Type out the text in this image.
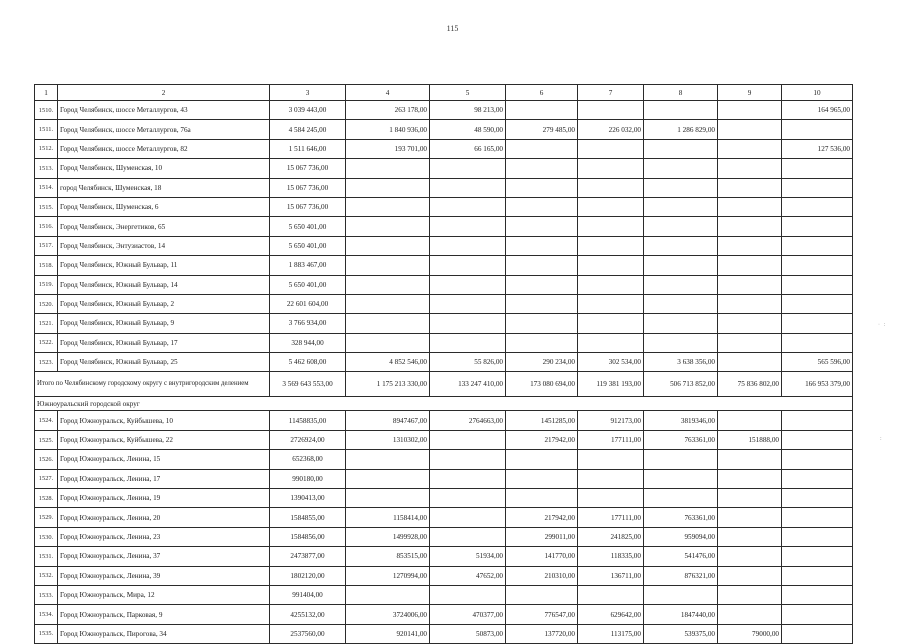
115
1	2	3	4	5	6	7	8	9	10
1510.	Город Челябинск, шоссе Металлургов, 43	3 039 443,00	263 178,00	98 213,00					164 965,00
1511.	Город Челябинск, шоссе Металлургов, 76а	4 584 245,00	1 840 936,00	48 590,00	279 485,00	226 032,00	1 286 829,00		
1512.	Город Челябинск, шоссе Металлургов, 82	1 511 646,00	193 701,00	66 165,00					127 536,00
1513.	Город Челябинск, Шуменская, 10	15 067 736,00							
1514.	город Челябинск, Шуменская, 18	15 067 736,00							
1515.	Город Челябинск, Шуменская, 6	15 067 736,00							
1516.	Город Челябинск, Энергетиков, 65	5 650 401,00							
1517.	Город Челябинск, Энтузиастов, 14	5 650 401,00							
1518.	Город Челябинск, Южный Бульвар, 11	1 883 467,00							
1519.	Город Челябинск, Южный Бульвар, 14	5 650 401,00							
1520.	Город Челябинск, Южный Бульвар, 2	22 601 604,00							
1521.	Город Челябинск, Южный Бульвар, 9	3 766 934,00							
1522.	Город Челябинск, Южный Бульвар, 17	328 944,00							
1523.	Город Челябинск, Южный Бульвар, 25	5 462 608,00	4 852 546,00	55 826,00	290 234,00	302 534,00	3 638 356,00		565 596,00
Итого по Челябинскому городскому округу с внутригородским делением		3 569 643 553,00	1 175 213 330,00	133 247 410,00	173 080 694,00	119 381 193,00	506 713 852,00	75 836 802,00	166 953 379,00
Южноуральский городской округ									
1524.	Город Южноуральск, Куйбышева, 10	11458835,00	8947467,00	2764663,00	1451285,00	912173,00	3819346,00		
1525.	Город Южноуральск, Куйбышева, 22	2726924,00	1310302,00		217942,00	177111,00	763361,00	151888,00	
1526.	Город Южноуральск, Ленина, 15	652368,00							
1527.	Город Южноуральск, Ленина, 17	990180,00							
1528.	Город Южноуральск, Ленина, 19	1390413,00							
1529.	Город Южноуральск, Ленина, 20	1584855,00	1158414,00		217942,00	177111,00	763361,00		
1530.	Город Южноуральск, Ленина, 23	1584856,00	1499928,00		299011,00	241825,00	959094,00		
1531.	Город Южноуральск, Ленина, 37	2473877,00	853515,00	51934,00	141770,00	118335,00	541476,00		
1532.	Город Южноуральск, Ленина, 39	1802120,00	1270994,00	47652,00	210310,00	136711,00	876321,00		
1533.	Город Южноуральск, Мира, 12	991404,00							
1534.	Город Южноуральск, Парковая, 9	4255132,00	3724006,00	470377,00	776547,00	629642,00	1847440,00		
1535.	Город Южноуральск, Пирогова, 34	2537560,00	920141,00	50873,00	137720,00	113175,00	539375,00	79000,00	
· :
:
